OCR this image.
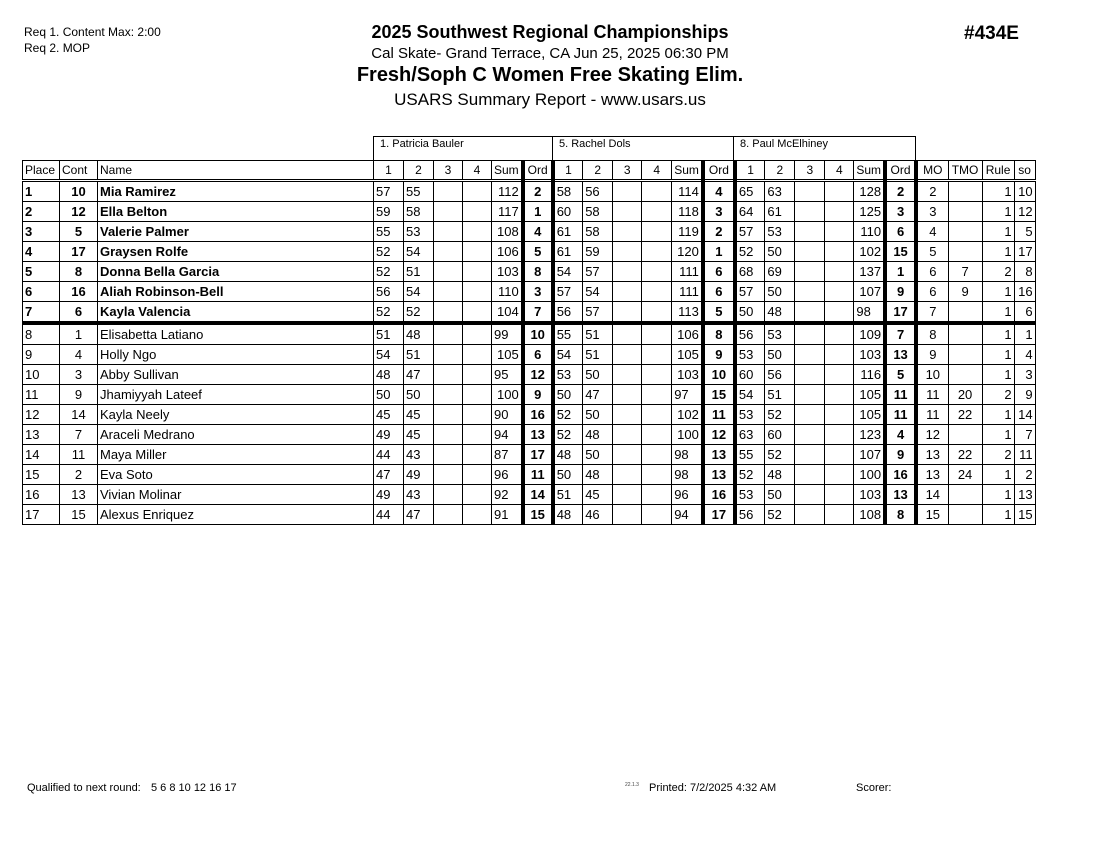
Req 1. Content Max: 2:00
Req 2. MOP
2025 Southwest Regional Championships
Cal Skate- Grand Terrace, CA Jun 25, 2025 06:30 PM
Fresh/Soph C Women Free Skating Elim.
USARS Summary Report - www.usars.us
#434E
1. Patricia Bauler	5. Rachel Dols	8. Paul McElhiney
Place	Cont	Name	1	2	3	4	Sum	Ord	1	2	3	4	Sum	Ord	1	2	3	4	Sum	Ord	MO	TMO	Rule	so
1	10	Mia Ramirez	57	55			112	2	58	56			114	4	65	63			128	2	2		1	10
2	12	Ella Belton	59	58			117	1	60	58			118	3	64	61			125	3	3		1	12
3	5	Valerie Palmer	55	53			108	4	61	58			119	2	57	53			110	6	4		1	5
4	17	Graysen Rolfe	52	54			106	5	61	59			120	1	52	50			102	15	5		1	17
5	8	Donna Bella Garcia	52	51			103	8	54	57			111	6	68	69			137	1	6	7	2	8
6	16	Aliah Robinson-Bell	56	54			110	3	57	54			111	6	57	50			107	9	6	9	1	16
7	6	Kayla Valencia	52	52			104	7	56	57			113	5	50	48			98	17	7		1	6
8	1	Elisabetta Latiano	51	48			99	10	55	51			106	8	56	53			109	7	8		1	1
9	4	Holly Ngo	54	51			105	6	54	51			105	9	53	50			103	13	9		1	4
10	3	Abby Sullivan	48	47			95	12	53	50			103	10	60	56			116	5	10		1	3
11	9	Jhamiyyah Lateef	50	50			100	9	50	47			97	15	54	51			105	11	11	20	2	9
12	14	Kayla Neely	45	45			90	16	52	50			102	11	53	52			105	11	11	22	1	14
13	7	Araceli Medrano	49	45			94	13	52	48			100	12	63	60			123	4	12		1	7
14	11	Maya Miller	44	43			87	17	48	50			98	13	55	52			107	9	13	22	2	11
15	2	Eva Soto	47	49			96	11	50	48			98	13	52	48			100	16	13	24	1	2
16	13	Vivian Molinar	49	43			92	14	51	45			96	16	53	50			103	13	14		1	13
17	15	Alexus Enriquez	44	47			91	15	48	46			94	17	56	52			108	8	15		1	15
Qualified to next round: 5 6 8 10 12 16 17	22.1.3 Printed: 7/2/2025 4:32 AM	Scorer:
